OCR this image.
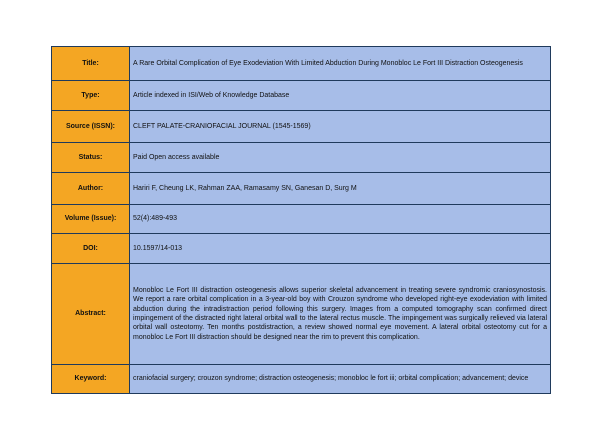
Title:	A Rare Orbital Complication of Eye Exodeviation With Limited Abduction During Monobloc Le Fort III Distraction Osteogenesis
Type:	Article indexed in ISI/Web of Knowledge Database
Source (ISSN):	CLEFT PALATE-CRANIOFACIAL JOURNAL (1545-1569)
Status:	Paid Open access available
Author:	Hariri F, Cheung LK, Rahman ZAA, Ramasamy SN, Ganesan D, Surg M
Volume (Issue):	52(4):489-493
DOI:	10.1597/14-013
Abstract:	Monobloc Le Fort III distraction osteogenesis allows superior skeletal advancement in treating severe syndromic craniosynostosis. We report a rare orbital complication in a 3-year-old boy with Crouzon syndrome who developed right-eye exodeviation with limited abduction during the intradistraction period following this surgery. Images from a computed tomography scan confirmed direct impingement of the distracted right lateral orbital wall to the lateral rectus muscle. The impingement was surgically relieved via lateral orbital wall osteotomy. Ten months postdistraction, a review showed normal eye movement. A lateral orbital osteotomy cut for a monobloc Le Fort III distraction should be designed near the rim to prevent this complication.
Keyword:	craniofacial surgery; crouzon syndrome; distraction osteogenesis; monobloc le fort iii; orbital complication; advancement; device
